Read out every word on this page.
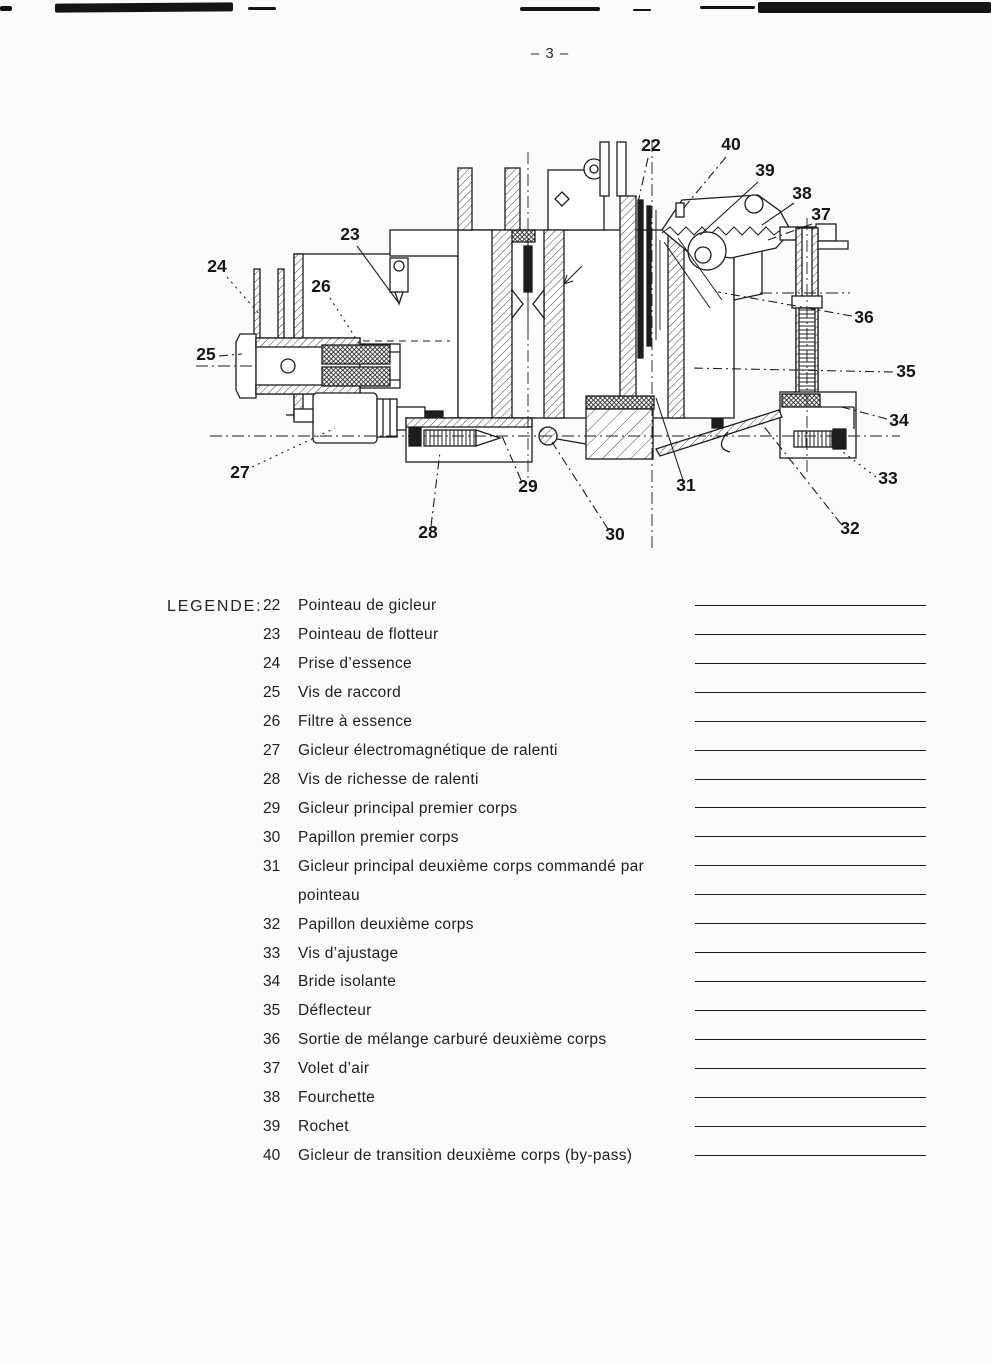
– 3 –
22	40
39
38
37
23
24
26
25
36
35
34
27	33
29	31
28	30	32
LEGENDE: 22	Pointeau de gicleur
23	Pointeau de flotteur
24	Prise d’essence
25	Vis de raccord
26	Filtre à essence
27	Gicleur électromagnétique de ralenti
28	Vis de richesse de ralenti
29	Gicleur principal premier corps
30	Papillon premier corps
31	Gicleur principal deuxième corps commandé par
pointeau
32	Papillon deuxième corps
33	Vis d’ajustage
34	Bride isolante
35	Déflecteur
36	Sortie de mélange carburé deuxième corps
37	Volet d’air
38	Fourchette
39	Rochet
40	Gicleur de transition deuxième corps (by-pass)
